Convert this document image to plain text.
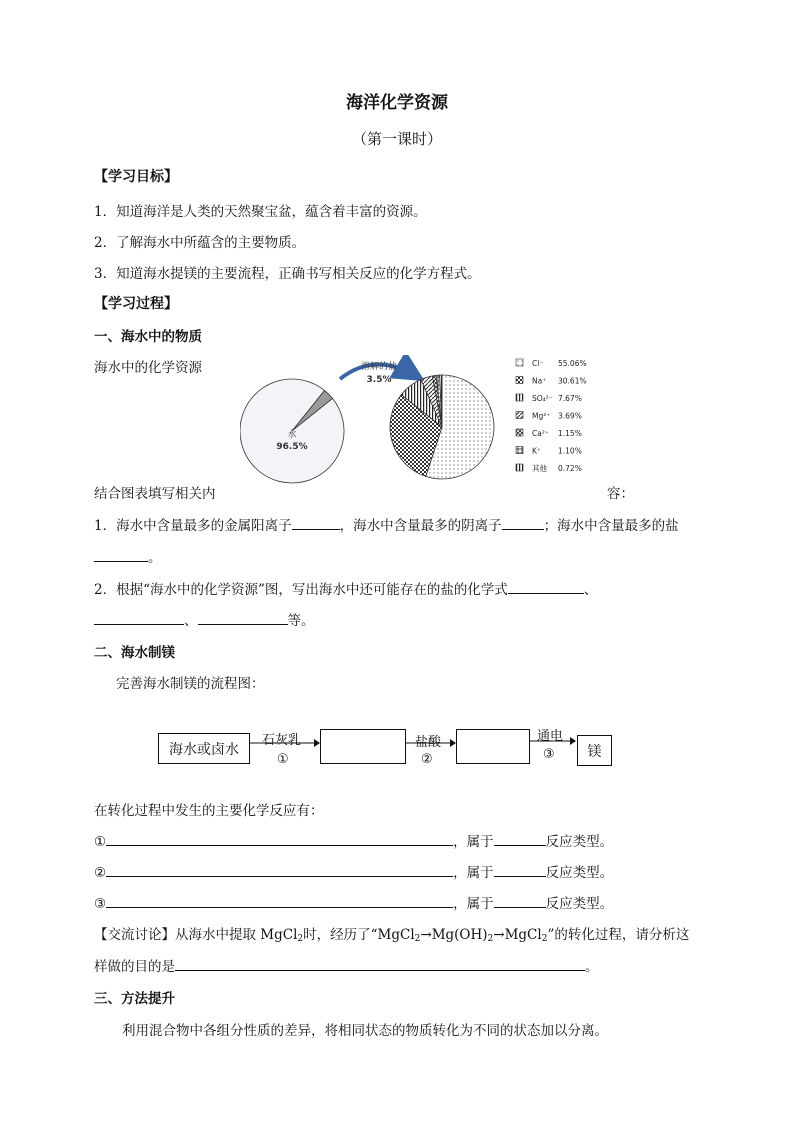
海洋化学资源
（第一课时）
【学习目标】
1．知道海洋是人类的天然聚宝盆，蕴含着丰富的资源。
2．了解海水中所蕴含的主要物质。
3．知道海水提镁的主要流程，正确书写相关反应的化学方程式。
【学习过程】
一、海水中的物质
海水中的化学资源	溶解的盐
3.5%
水
96.5%
Cl⁻ 55.06%
Na⁺ 30.61%
SO₄²⁻ 7.67%
Mg²⁺ 3.69%
Ca²⁺ 1.15%
K⁺ 1.10%
其他 0.72%
结合图表填写相关内	容：
1．海水中含量最多的金属阳离子	，海水中含量最多的阴离子	；海水中含量最多的盐
。
2．根据“海水中的化学资源”图，写出海水中还可能存在的盐的化学式	、
、	等。
二、海水制镁
完善海水制镁的流程图：
海水或卤水	镁
石灰乳
①
盐酸
②
通电
③
在转化过程中发生的主要化学反应有：
①	，属于	反应类型。
②	，属于	反应类型。
③	，属于	反应类型。
【交流讨论】从海水中提取 MgCl$_2$时，经历了“$MgCl_2\to Mg(OH)_2\to MgCl_2$”的转化过程，请分析这
样做的目的是	。
三、方法提升
利用混合物中各组分性质的差异，将相同状态的物质转化为不同的状态加以分离。
